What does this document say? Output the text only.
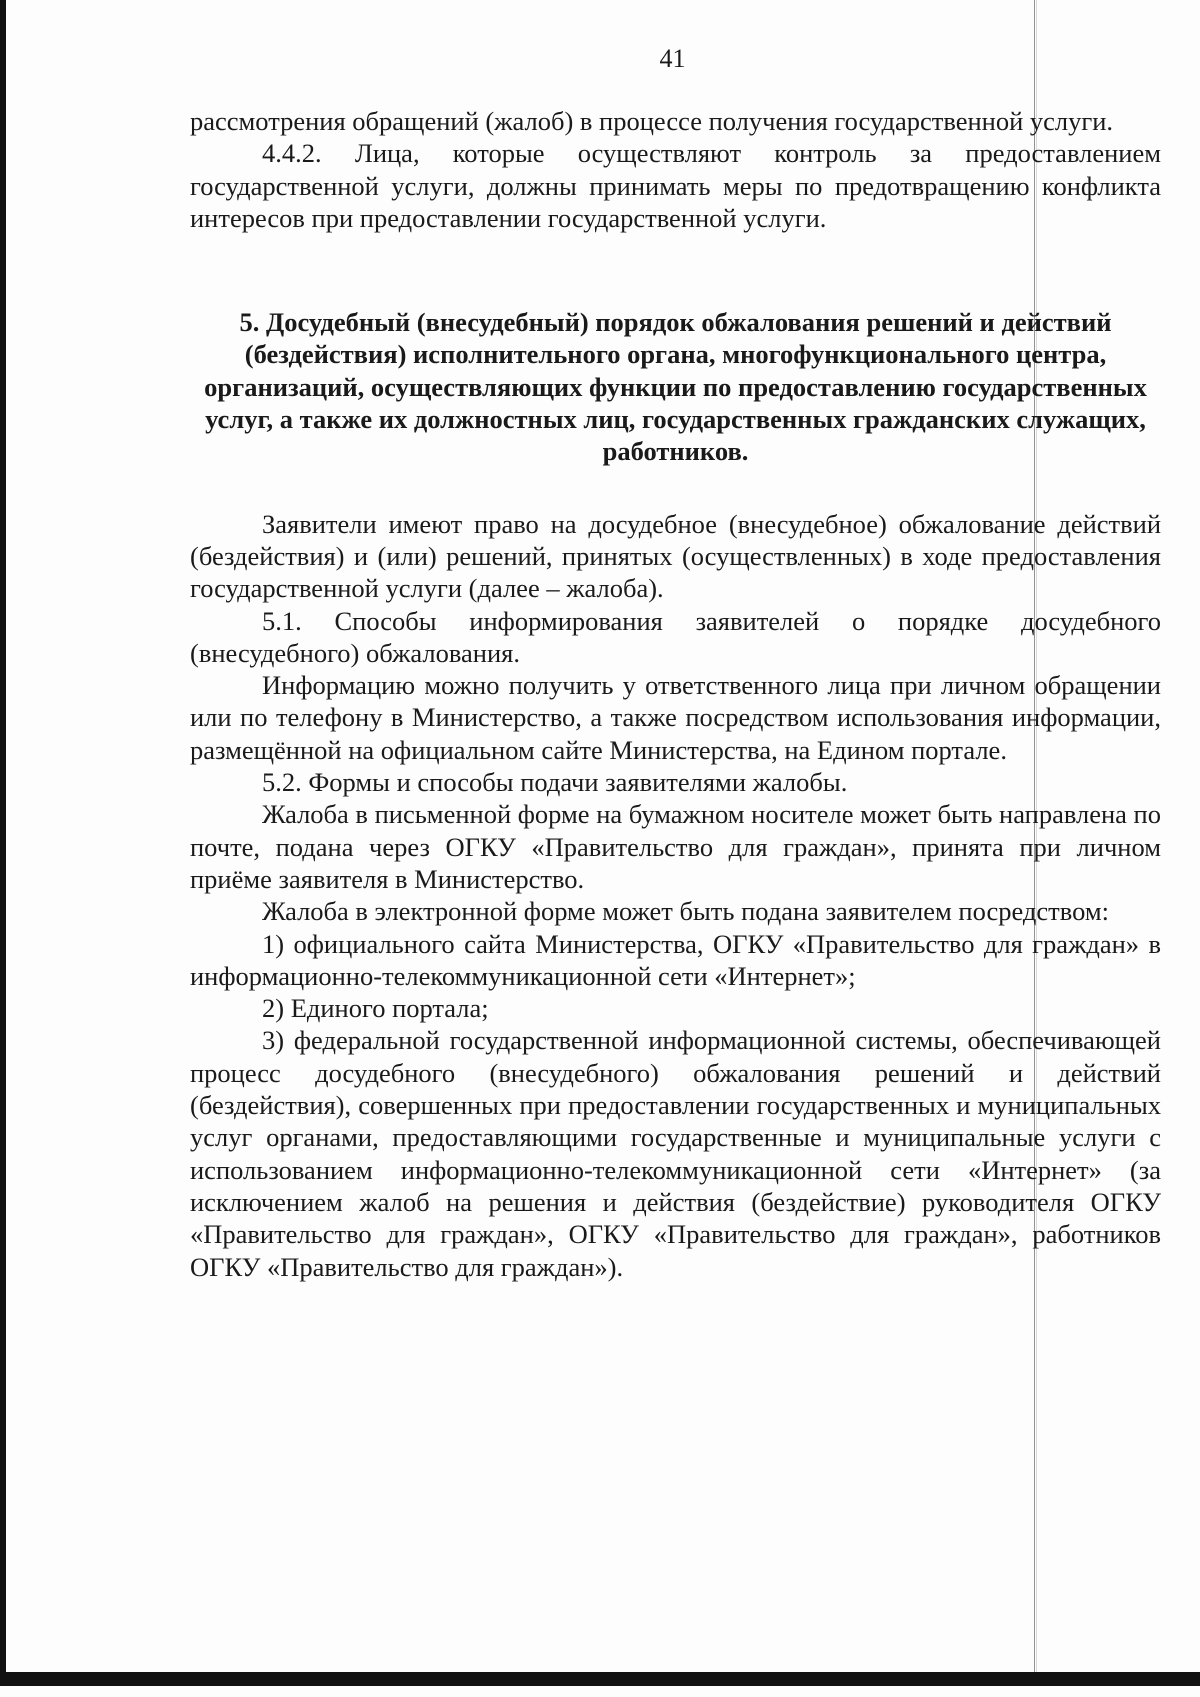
41

рассмотрения обращений (жалоб) в процессе получения государственной услуги.

4.4.2. Лица, которые осуществляют контроль за предоставлением государственной услуги, должны принимать меры по предотвращению конфликта интересов при предоставлении государственной услуги.

5. Досудебный (внесудебный) порядок обжалования решений и действий (бездействия) исполнительного органа, многофункционального центра, организаций, осуществляющих функции по предоставлению государственных услуг, а также их должностных лиц, государственных гражданских служащих, работников.

Заявители имеют право на досудебное (внесудебное) обжалование действий (бездействия) и (или) решений, принятых (осуществленных) в ходе предоставления государственной услуги (далее – жалоба).

5.1. Способы информирования заявителей о порядке досудебного (внесудебного) обжалования.

Информацию можно получить у ответственного лица при личном обращении или по телефону в Министерство, а также посредством использования информации, размещённой на официальном сайте Министерства, на Едином портале.

5.2. Формы и способы подачи заявителями жалобы.

Жалоба в письменной форме на бумажном носителе может быть направлена по почте, подана через ОГКУ «Правительство для граждан», принята при личном приёме заявителя в Министерство.

Жалоба в электронной форме может быть подана заявителем посредством:

1) официального сайта Министерства, ОГКУ «Правительство для граждан» в информационно-телекоммуникационной сети «Интернет»;

2) Единого портала;

3) федеральной государственной информационной системы, обеспечивающей процесс досудебного (внесудебного) обжалования решений и действий (бездействия), совершенных при предоставлении государственных и муниципальных услуг органами, предоставляющими государственные и муниципальные услуги с использованием информационно-телекоммуникационной сети «Интернет» (за исключением жалоб на решения и действия (бездействие) руководителя ОГКУ «Правительство для граждан», ОГКУ «Правительство для граждан», работников ОГКУ «Правительство для граждан»).
